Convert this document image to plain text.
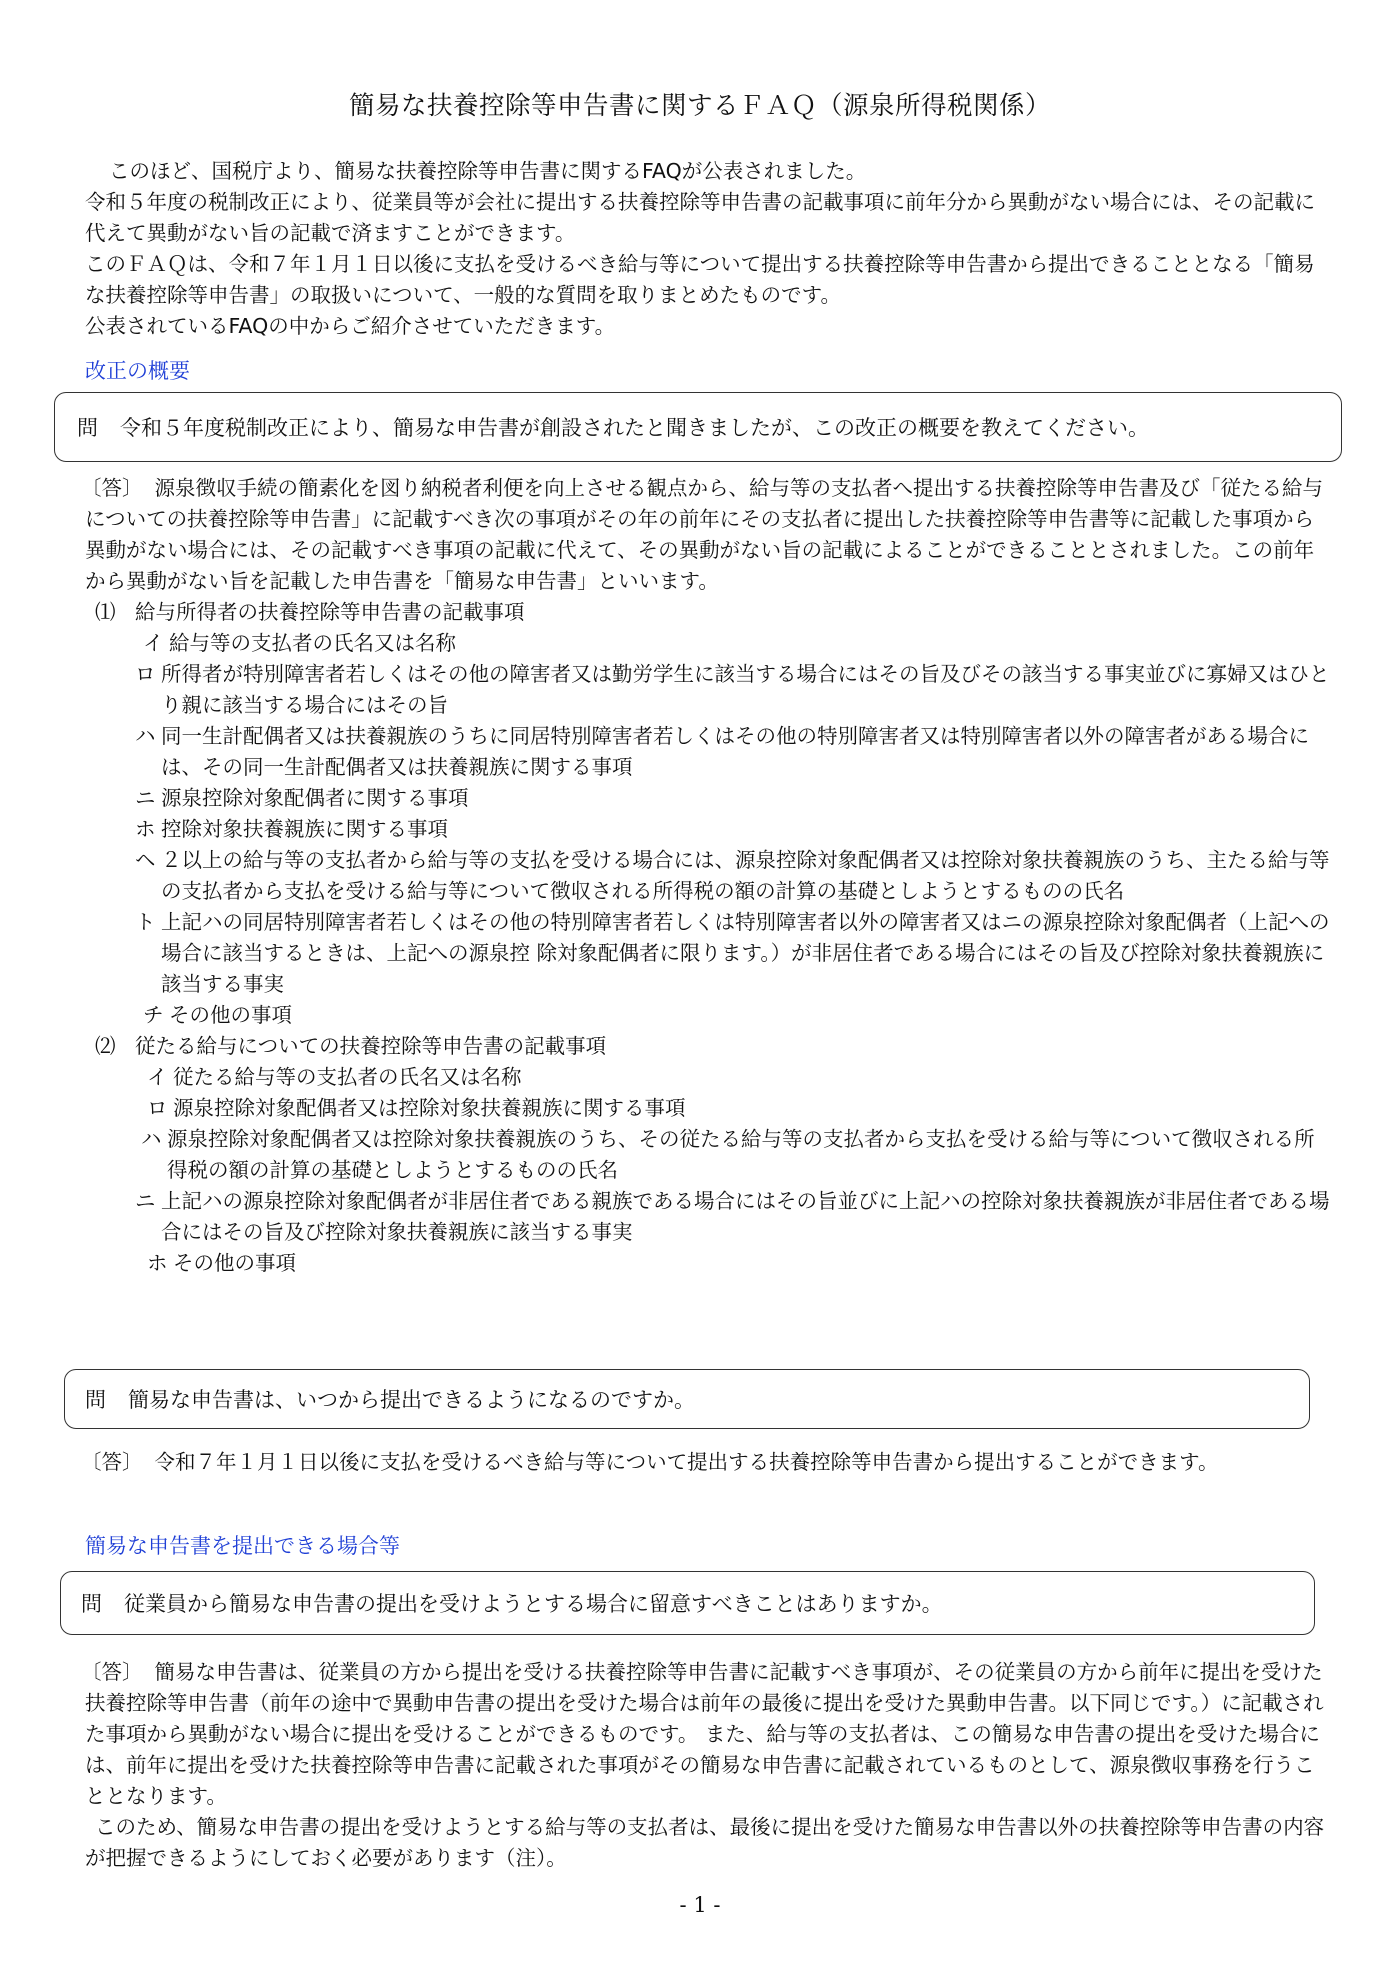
簡易な扶養控除等申告書に関するＦＡＱ（源泉所得税関係）

このほど、国税庁より、簡易な扶養控除等申告書に関するFAQが公表されました。

令和５年度の税制改正により、従業員等が会社に提出する扶養控除等申告書の記載事項に前年分から異動がない場合には、その記載に代えて異動がない旨の記載で済ますことができます。

このＦＡＱは、令和７年１月１日以後に支払を受けるべき給与等について提出する扶養控除等申告書から提出できることとなる「簡易な扶養控除等申告書」の取扱いについて、一般的な質問を取りまとめたものです。

公表されているFAQの中からご紹介させていただきます。

改正の概要
問 令和５年度税制改正により、簡易な申告書が創設されたと聞きましたが、この改正の概要を教えてください。

〔答〕 源泉徴収手続の簡素化を図り納税者利便を向上させる観点から、給与等の支払者へ提出する扶養控除等申告書及び「従たる給与についての扶養控除等申告書」に記載すべき次の事項がその年の前年にその支払者に提出した扶養控除等申告書等に記載した事項から異動がない場合には、その記載すべき事項の記載に代えて、その異動がない旨の記載によることができることとされました。この前年から異動がない旨を記載した申告書を「簡易な申告書」といいます。

⑴ 給与所得者の扶養控除等申告書の記載事項
イ 給与等の支払者の氏名又は名称
ロ 所得者が特別障害者若しくはその他の障害者又は勤労学生に該当する場合にはその旨及びその該当する事実並びに寡婦又はひとり親に該当する場合にはその旨
ハ 同一生計配偶者又は扶養親族のうちに同居特別障害者若しくはその他の特別障害者又は特別障害者以外の障害者がある場合には、その同一生計配偶者又は扶養親族に関する事項
ニ 源泉控除対象配偶者に関する事項
ホ 控除対象扶養親族に関する事項
ヘ ２以上の給与等の支払者から給与等の支払を受ける場合には、源泉控除対象配偶者又は控除対象扶養親族のうち、主たる給与等の支払者から支払を受ける給与等について徴収される所得税の額の計算の基礎としようとするものの氏名
ト 上記ハの同居特別障害者若しくはその他の特別障害者若しくは特別障害者以外の障害者又はニの源泉控除対象配偶者（上記への場合に該当するときは、上記への源泉控 除対象配偶者に限ります。）が非居住者である場合にはその旨及び控除対象扶養親族に該当する事実
チ その他の事項
⑵ 従たる給与についての扶養控除等申告書の記載事項
イ 従たる給与等の支払者の氏名又は名称
ロ 源泉控除対象配偶者又は控除対象扶養親族に関する事項
ハ 源泉控除対象配偶者又は控除対象扶養親族のうち、その従たる給与等の支払者から支払を受ける給与等について徴収される所得税の額の計算の基礎としようとするものの氏名
ニ 上記ハの源泉控除対象配偶者が非居住者である親族である場合にはその旨並びに上記ハの控除対象扶養親族が非居住者である場合にはその旨及び控除対象扶養親族に該当する事実
ホ その他の事項
問 簡易な申告書は、いつから提出できるようになるのですか。

〔答〕 令和７年１月１日以後に支払を受けるべき給与等について提出する扶養控除等申告書から提出することができます。

簡易な申告書を提出できる場合等
問 従業員から簡易な申告書の提出を受けようとする場合に留意すべきことはありますか。

〔答〕 簡易な申告書は、従業員の方から提出を受ける扶養控除等申告書に記載すべき事項が、その従業員の方から前年に提出を受けた扶養控除等申告書（前年の途中で異動申告書の提出を受けた場合は前年の最後に提出を受けた異動申告書。以下同じです。）に記載された事項から異動がない場合に提出を受けることができるものです。 また、給与等の支払者は、この簡易な申告書の提出を受けた場合には、前年に提出を受けた扶養控除等申告書に記載された事項がその簡易な申告書に記載されているものとして、源泉徴収事務を行うこととなります。

このため、簡易な申告書の提出を受けようとする給与等の支払者は、最後に提出を受けた簡易な申告書以外の扶養控除等申告書の内容が把握できるようにしておく必要があります（注）。

- 1 -
